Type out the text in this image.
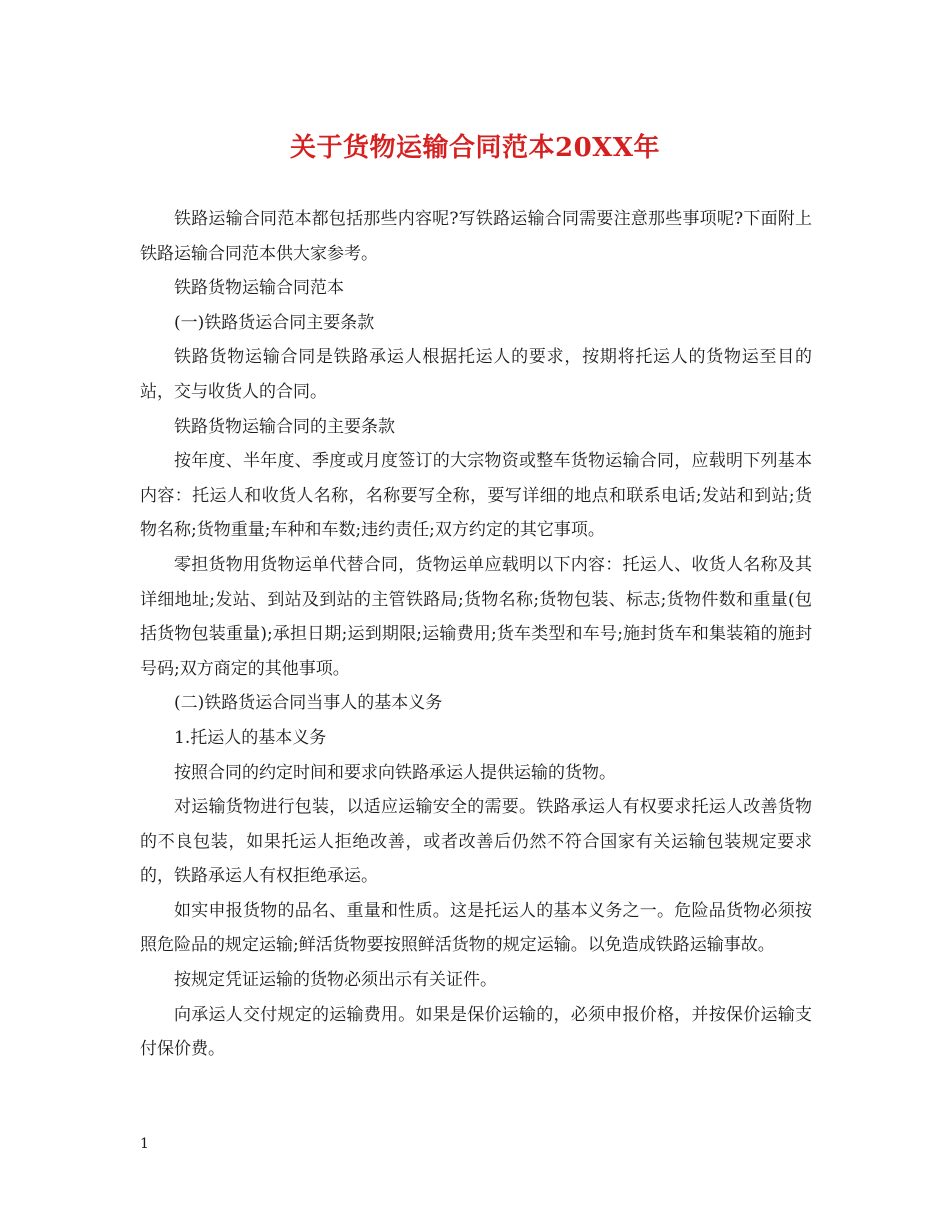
关于货物运输合同范本20XX年

铁路运输合同范本都包括那些内容呢?写铁路运输合同需要注意那些事项呢?下面附上铁路运输合同范本供大家参考。

铁路货物运输合同范本

(一)铁路货运合同主要条款

铁路货物运输合同是铁路承运人根据托运人的要求，按期将托运人的货物运至目的站，交与收货人的合同。

铁路货物运输合同的主要条款

按年度、半年度、季度或月度签订的大宗物资或整车货物运输合同，应载明下列基本内容：托运人和收货人名称，名称要写全称，要写详细的地点和联系电话;发站和到站;货物名称;货物重量;车种和车数;违约责任;双方约定的其它事项。

零担货物用货物运单代替合同，货物运单应载明以下内容：托运人、收货人名称及其详细地址;发站、到站及到站的主管铁路局;货物名称;货物包装、标志;货物件数和重量(包括货物包装重量);承担日期;运到期限;运输费用;货车类型和车号;施封货车和集装箱的施封号码;双方商定的其他事项。

(二)铁路货运合同当事人的基本义务

1.托运人的基本义务

按照合同的约定时间和要求向铁路承运人提供运输的货物。

对运输货物进行包装，以适应运输安全的需要。铁路承运人有权要求托运人改善货物的不良包装，如果托运人拒绝改善，或者改善后仍然不符合国家有关运输包装规定要求的，铁路承运人有权拒绝承运。

如实申报货物的品名、重量和性质。这是托运人的基本义务之一。危险品货物必须按照危险品的规定运输;鲜活货物要按照鲜活货物的规定运输。以免造成铁路运输事故。

按规定凭证运输的货物必须出示有关证件。

向承运人交付规定的运输费用。如果是保价运输的，必须申报价格，并按保价运输支付保价费。

1
